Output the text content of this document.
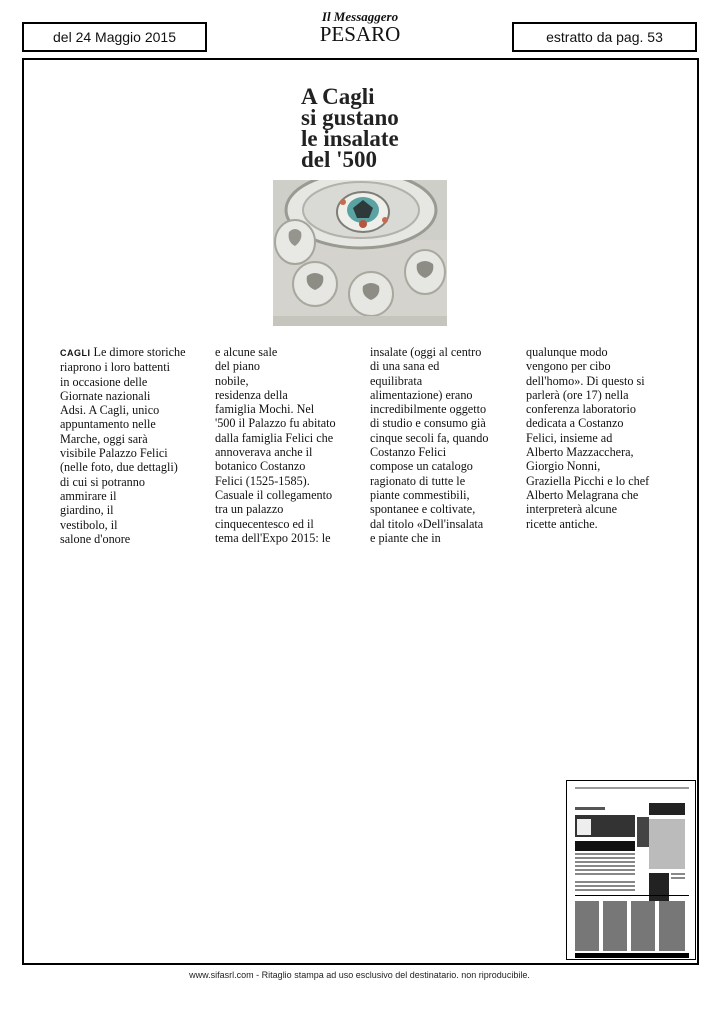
del 24 Maggio 2015
Il Messaggero
PESARO	estratto da pag. 53
A Cagli
si gustano
le insalate
del '500

CAGLI Le dimore storiche

riaprono i loro battenti

in occasione delle

Giornate nazionali

Adsi. A Cagli, unico

appuntamento nelle

Marche, oggi sarà

visibile Palazzo Felici

(nelle foto, due dettagli)

di cui si potranno

ammirare il

giardino, il

vestibolo, il

salone d'onore

e alcune sale

del piano

nobile,

residenza della

famiglia Mochi. Nel

'500 il Palazzo fu abitato

dalla famiglia Felici che

annoverava anche il

botanico Costanzo

Felici (1525-1585).

Casuale il collegamento

tra un palazzo

cinquecentesco ed il

tema dell'Expo 2015: le

insalate (oggi al centro

di una sana ed

equilibrata

alimentazione) erano

incredibilmente oggetto

di studio e consumo già

cinque secoli fa, quando

Costanzo Felici

compose un catalogo

ragionato di tutte le

piante commestibili,

spontanee e coltivate,

dal titolo «Dell'insalata

e piante che in

qualunque modo

vengono per cibo

dell'homo». Di questo si

parlerà (ore 17) nella

conferenza laboratorio

dedicata a Costanzo

Felici, insieme ad

Alberto Mazzacchera,

Giorgio Nonni,

Graziella Picchi e lo chef

Alberto Melagrana che

interpreterà alcune

ricette antiche.

www.sifasrl.com - Ritaglio stampa ad uso esclusivo del destinatario. non riproducibile.
